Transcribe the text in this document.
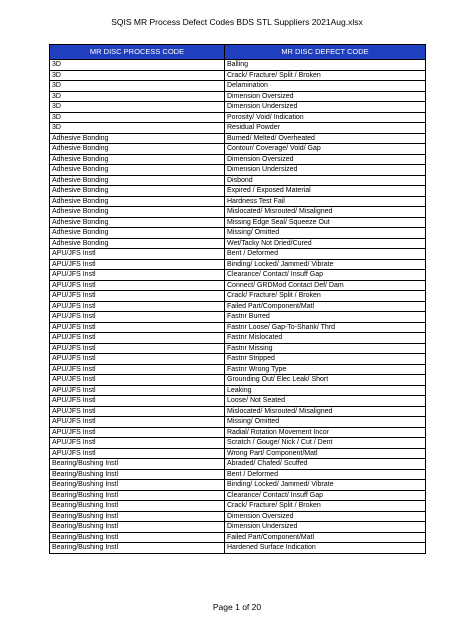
SQIS MR Process Defect Codes BDS STL Suppliers 2021Aug.xlsx
MR DISC PROCESS CODE	MR DISC DEFECT CODE
3D	Balling
3D	Crack/ Fracture/ Split / Broken
3D	Delamination
3D	Dimension Oversized
3D	Dimension Undersized
3D	Porosity/ Void/ Indication
3D	Residual Powder
Adhesive Bonding	Burned/ Melted/ Overheated
Adhesive Bonding	Contour/ Coverage/ Void/ Gap
Adhesive Bonding	Dimension Oversized
Adhesive Bonding	Dimension Undersized
Adhesive Bonding	Disbond
Adhesive Bonding	Expired / Exposed Material
Adhesive Bonding	Hardness Test Fail
Adhesive Bonding	Mislocated/ Misrouted/ Misaligned
Adhesive Bonding	Missing Edge Seal/ Squeeze Out
Adhesive Bonding	Missing/ Omitted
Adhesive Bonding	Wet/Tacky Not Dried/Cured
APU/JFS Instl	Bent / Deformed
APU/JFS Instl	Binding/ Locked/ Jammed/ Vibrate
APU/JFS Instl	Clearance/ Contact/ Insuff Gap
APU/JFS Instl	Connect/ GRDMod Contact Def/ Dam
APU/JFS Instl	Crack/ Fracture/ Split / Broken
APU/JFS Instl	Failed Part/Component/Matl
APU/JFS Instl	Fastnr Burred
APU/JFS Instl	Fastnr Loose/ Gap-To-Shank/ Thrd
APU/JFS Instl	Fastnr Mislocated
APU/JFS Instl	Fastnr Missing
APU/JFS Instl	Fastnr Stripped
APU/JFS Instl	Fastnr Wrong Type
APU/JFS Instl	Grounding Out/ Elec Leak/ Short
APU/JFS Instl	Leaking
APU/JFS Instl	Loose/ Not Seated
APU/JFS Instl	Mislocated/ Misrouted/ Misaligned
APU/JFS Instl	Missing/ Omitted
APU/JFS Instl	Radial/ Rotation Movement Incor
APU/JFS Instl	Scratch / Gouge/ Nick / Cut / Dent
APU/JFS Instl	Wrong Part/ Component/Matl
Bearing/Bushing Instl	Abraded/ Chafed/ Scuffed
Bearing/Bushing Instl	Bent / Deformed
Bearing/Bushing Instl	Binding/ Locked/ Jammed/ Vibrate
Bearing/Bushing Instl	Clearance/ Contact/ Insuff Gap
Bearing/Bushing Instl	Crack/ Fracture/ Split / Broken
Bearing/Bushing Instl	Dimension Oversized
Bearing/Bushing Instl	Dimension Undersized
Bearing/Bushing Instl	Failed Part/Component/Matl
Bearing/Bushing Instl	Hardened Surface Indication
Page 1 of 20
